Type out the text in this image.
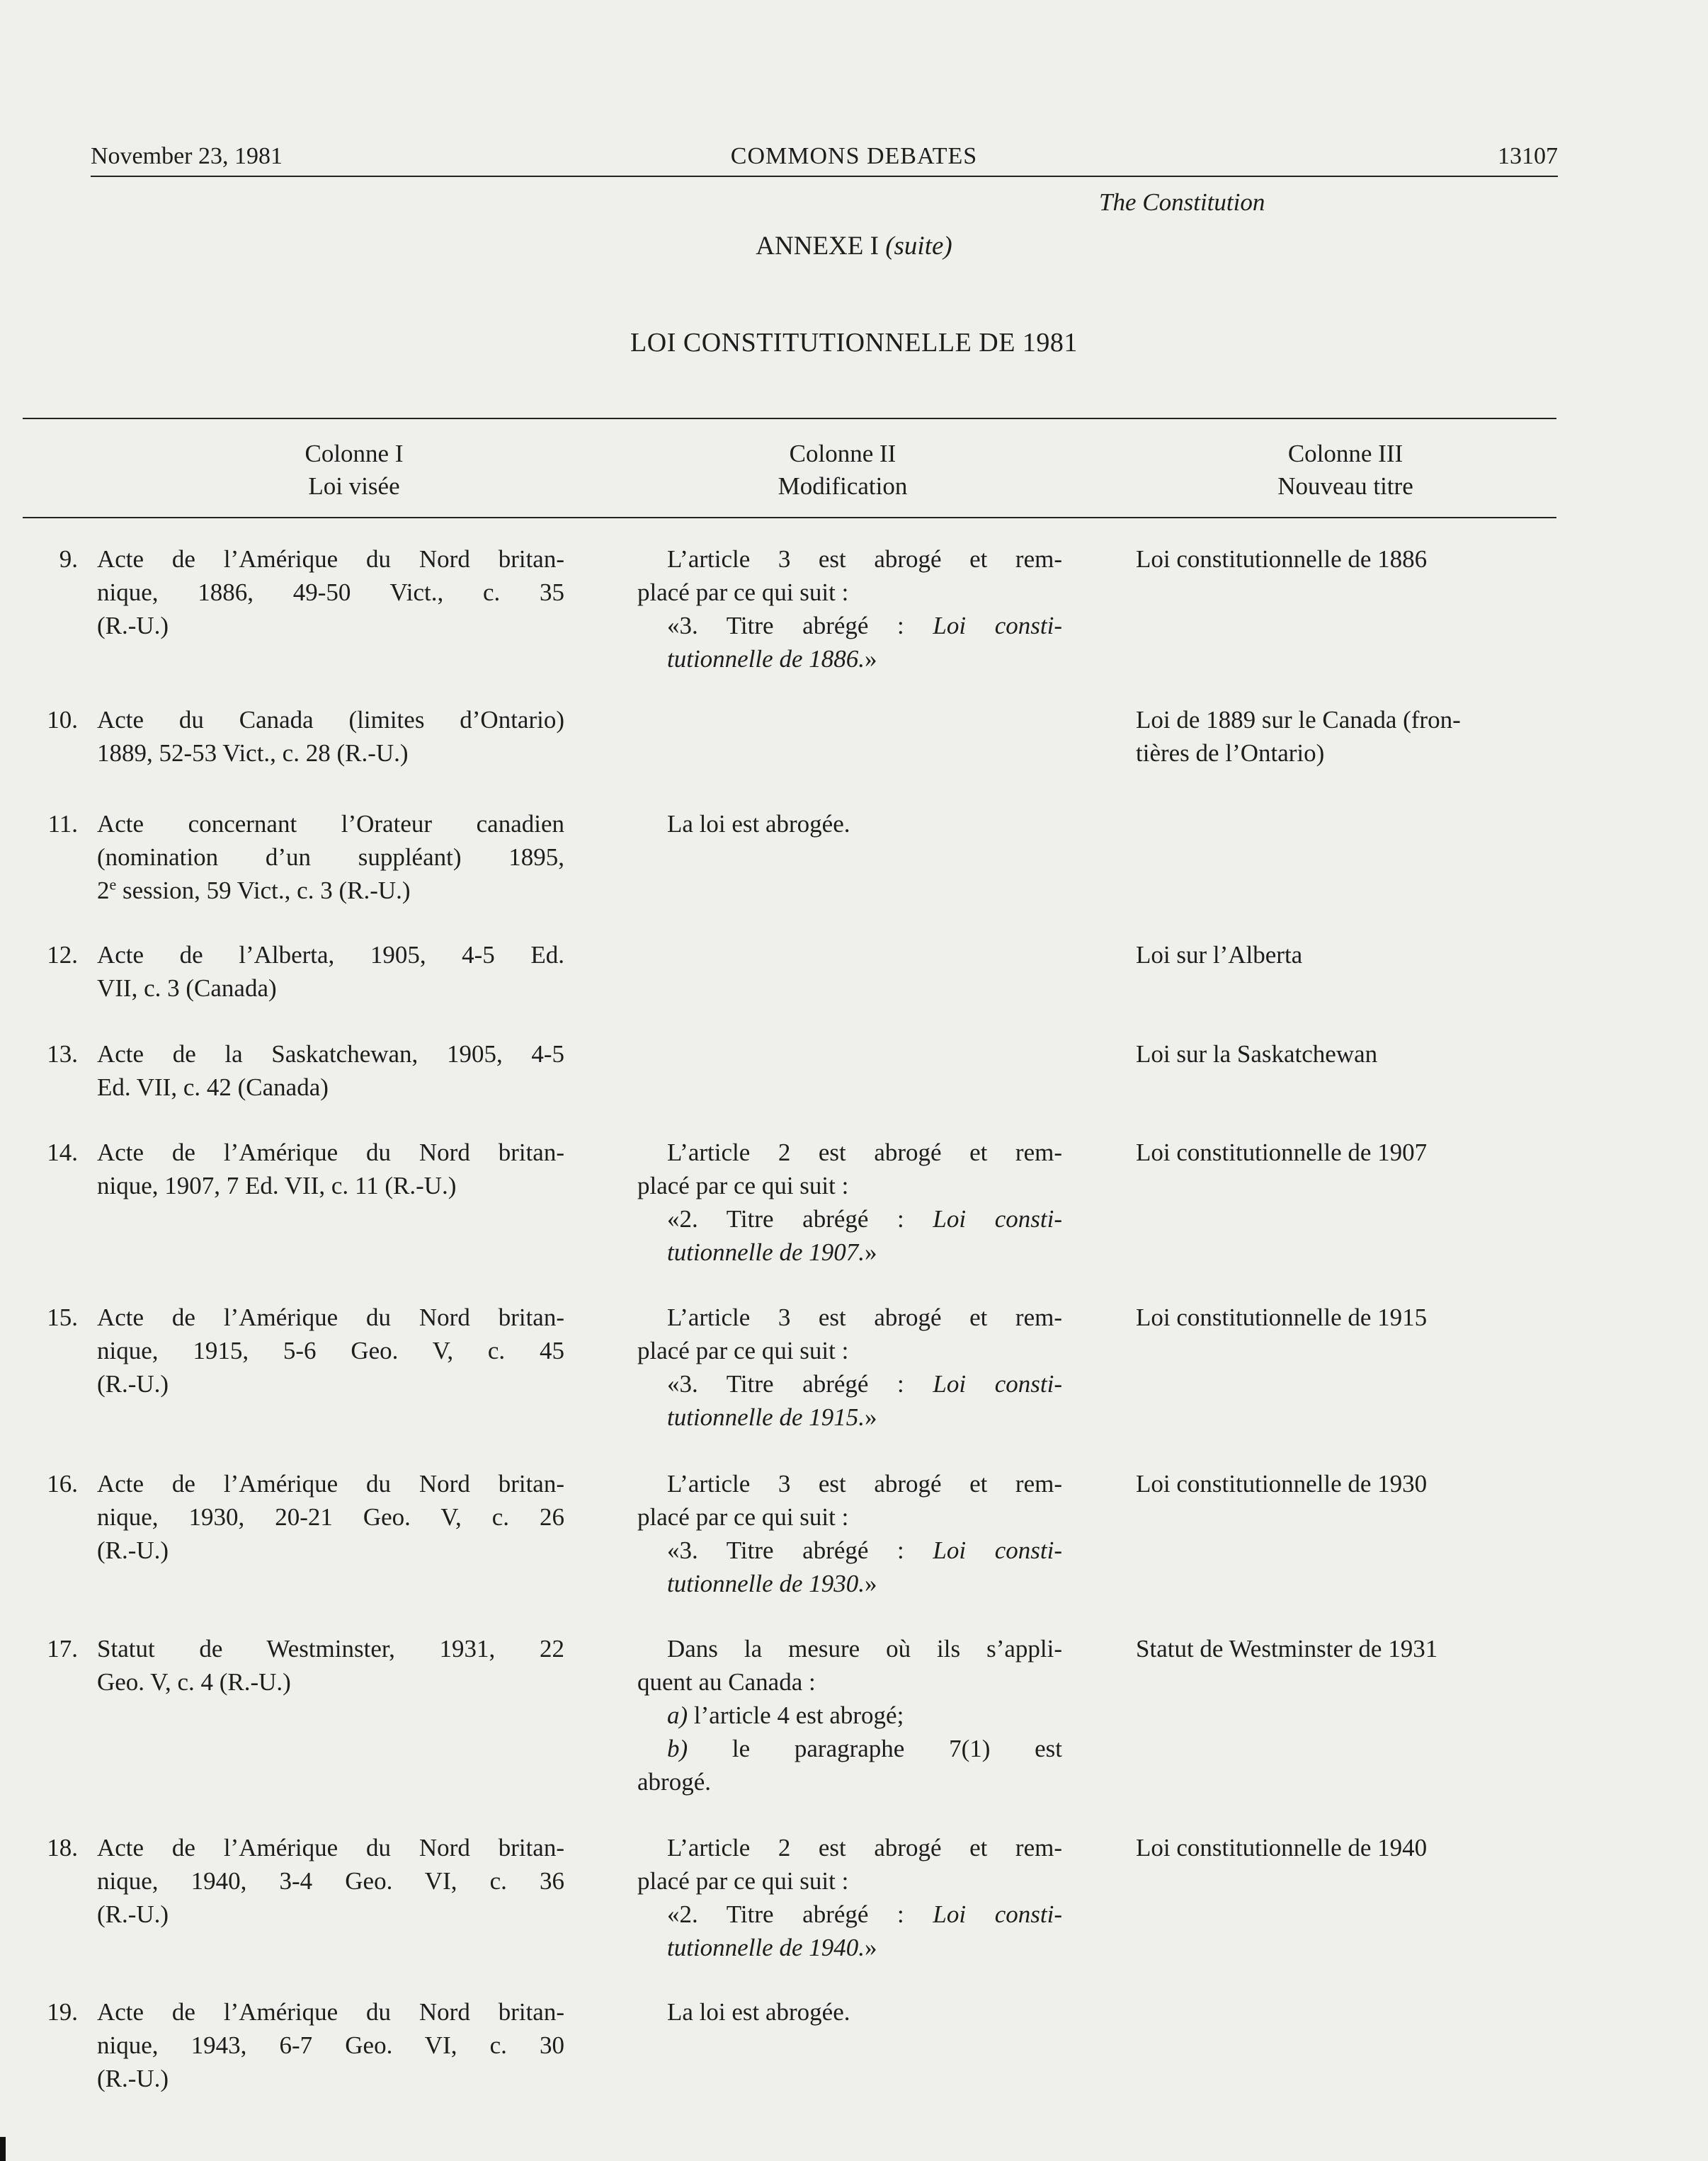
November 23, 1981	COMMONS DEBATES	13107
The Constitution
ANNEXE I (suite)
LOI CONSTITUTIONNELLE DE 1981
Colonne I
Loi visée
Colonne II
Modification
Colonne III
Nouveau titre
9. Acte de l’Amérique du Nord britan-
nique, 1886, 49-50 Vict., c. 35
(R.-U.)
L’article 3 est abrogé et rem-
placé par ce qui suit :
«3. Titre abrégé : Loi consti-
tutionnelle de 1886.»
Loi constitutionnelle de 1886
10. Acte du Canada (limites d’Ontario)
1889, 52-53 Vict., c. 28 (R.-U.)
Loi de 1889 sur le Canada (fron-
tières de l’Ontario)
11. Acte concernant l’Orateur canadien
(nomination d’un suppléant) 1895,
2e session, 59 Vict., c. 3 (R.-U.)
La loi est abrogée.
12. Acte de l’Alberta, 1905, 4-5 Ed.
VII, c. 3 (Canada)
Loi sur l’Alberta
13. Acte de la Saskatchewan, 1905, 4-5
Ed. VII, c. 42 (Canada)
Loi sur la Saskatchewan
14. Acte de l’Amérique du Nord britan-
nique, 1907, 7 Ed. VII, c. 11 (R.-U.)
L’article 2 est abrogé et rem-
placé par ce qui suit :
«2. Titre abrégé : Loi consti-
tutionnelle de 1907.»
Loi constitutionnelle de 1907
15. Acte de l’Amérique du Nord britan-
nique, 1915, 5-6 Geo. V, c. 45
(R.-U.)
L’article 3 est abrogé et rem-
placé par ce qui suit :
«3. Titre abrégé : Loi consti-
tutionnelle de 1915.»
Loi constitutionnelle de 1915
16. Acte de l’Amérique du Nord britan-
nique, 1930, 20-21 Geo. V, c. 26
(R.-U.)
L’article 3 est abrogé et rem-
placé par ce qui suit :
«3. Titre abrégé : Loi consti-
tutionnelle de 1930.»
Loi constitutionnelle de 1930
17. Statut de Westminster, 1931, 22
Geo. V, c. 4 (R.-U.)
Dans la mesure où ils s’appli-
quent au Canada :
a) l’article 4 est abrogé;
b) le paragraphe 7(1) est
abrogé.
Statut de Westminster de 1931
18. Acte de l’Amérique du Nord britan-
nique, 1940, 3-4 Geo. VI, c. 36
(R.-U.)
L’article 2 est abrogé et rem-
placé par ce qui suit :
«2. Titre abrégé : Loi consti-
tutionnelle de 1940.»
Loi constitutionnelle de 1940
19. Acte de l’Amérique du Nord britan-
nique, 1943, 6-7 Geo. VI, c. 30
(R.-U.)
La loi est abrogée.
